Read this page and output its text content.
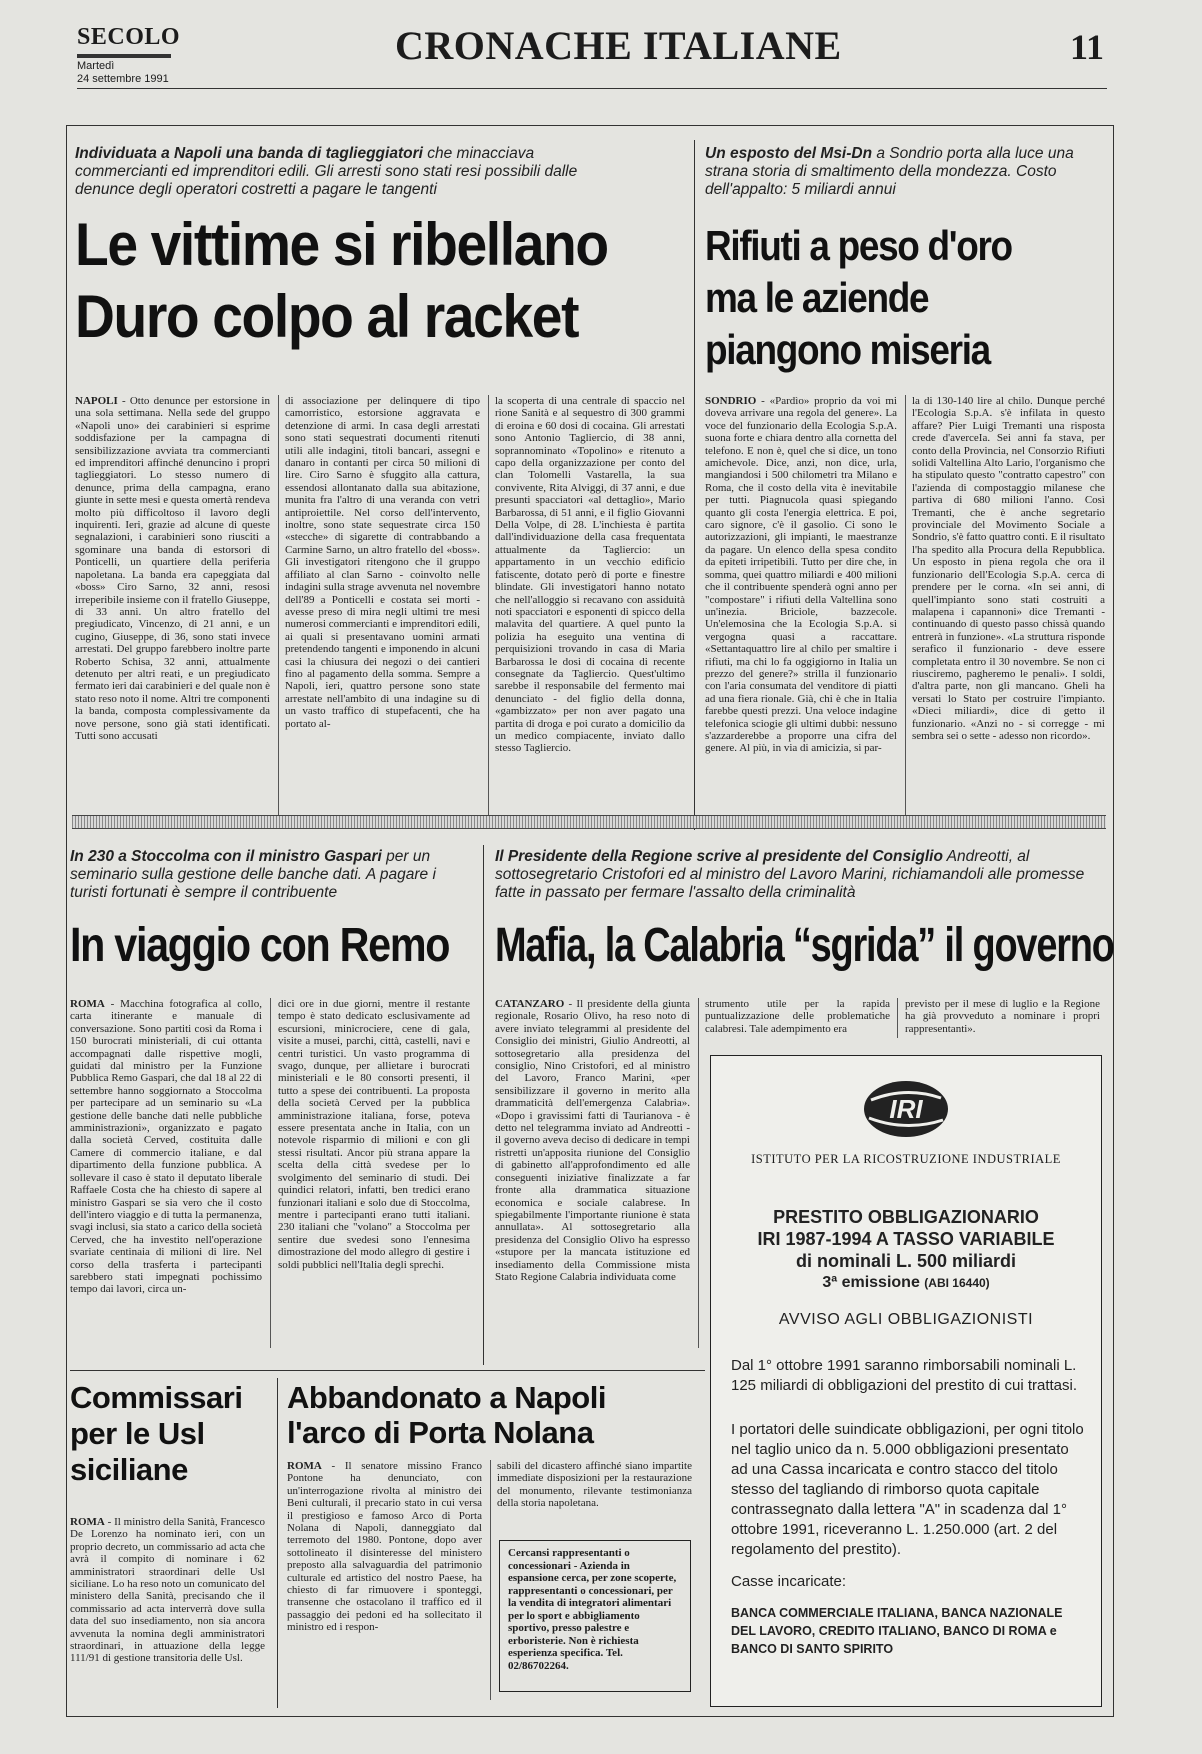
SECOLO
Martedì
24 settembre 1991
CRONACHE ITALIANE	11
Individuata a Napoli una banda di taglieggiatori che minacciava commercianti ed imprenditori edili. Gli arresti sono stati resi possibili dalle denunce degli operatori costretti a pagare le tangenti
Le vittime si ribellano
Duro colpo al racket
NAPOLI - Otto denunce per estorsione in una sola settimana. Nella sede del gruppo «Napoli uno» dei carabinieri si esprime soddisfazione per la campagna di sensibilizzazione avviata tra commercianti ed imprenditori affinché denuncino i propri taglieggiatori. Lo stesso numero di denunce, prima della campagna, erano giunte in sette mesi e questa omertà rendeva molto più difficoltoso il lavoro degli inquirenti. Ieri, grazie ad alcune di queste segnalazioni, i carabinieri sono riusciti a sgominare una banda di estorsori di Ponticelli, un quartiere della periferia napoletana. La banda era capeggiata dal «boss» Ciro Sarno, 32 anni, resosi irreperibile insieme con il fratello Giuseppe, di 33 anni. Un altro fratello del pregiudicato, Vincenzo, di 21 anni, e un cugino, Giuseppe, di 36, sono stati invece arrestati. Del gruppo farebbero inoltre parte Roberto Schisa, 32 anni, attualmente detenuto per altri reati, e un pregiudicato fermato ieri dai carabinieri e del quale non è stato reso noto il nome. Altri tre componenti la banda, composta complessivamente da nove persone, sono già stati identificati. Tutti sono accusati
di associazione per delinquere di tipo camorristico, estorsione aggravata e detenzione di armi. In casa degli arrestati sono stati sequestrati documenti ritenuti utili alle indagini, titoli bancari, assegni e danaro in contanti per circa 50 milioni di lire. Ciro Sarno è sfuggito alla cattura, essendosi allontanato dalla sua abitazione, munita fra l'altro di una veranda con vetri antiproiettile. Nel corso dell'intervento, inoltre, sono state sequestrate circa 150 «stecche» di sigarette di contrabbando a Carmine Sarno, un altro fratello del «boss». Gli investigatori ritengono che il gruppo affiliato al clan Sarno - coinvolto nelle indagini sulla strage avvenuta nel novembre dell'89 a Ponticelli e costata sei morti - avesse preso di mira negli ultimi tre mesi numerosi commercianti e imprenditori edili, ai quali si presentavano uomini armati pretendendo tangenti e imponendo in alcuni casi la chiusura dei negozi o dei cantieri fino al pagamento della somma. Sempre a Napoli, ieri, quattro persone sono state arrestate nell'ambito di una indagine su di un vasto traffico di stupefacenti, che ha portato al-
la scoperta di una centrale di spaccio nel rione Sanità e al sequestro di 300 grammi di eroina e 60 dosi di cocaina. Gli arrestati sono Antonio Tagliercio, di 38 anni, soprannominato «Topolino» e ritenuto a capo della organizzazione per conto del clan Tolomelli Vastarella, la sua convivente, Rita Alviggi, di 37 anni, e due presunti spacciatori «al dettaglio», Mario Barbarossa, di 51 anni, e il figlio Giovanni Della Volpe, di 28. L'inchiesta è partita dall'individuazione della casa frequentata attualmente da Tagliercio: un appartamento in un vecchio edificio fatiscente, dotato però di porte e finestre blindate. Gli investigatori hanno notato che nell'alloggio si recavano con assiduità noti spacciatori e esponenti di spicco della malavita del quartiere. A quel punto la polizia ha eseguito una ventina di perquisizioni trovando in casa di Maria Barbarossa le dosi di cocaina di recente consegnate da Tagliercio. Quest'ultimo sarebbe il responsabile del fermento mai denunciato - del figlio della donna, «gambizzato» per non aver pagato una partita di droga e poi curato a domicilio da un medico compiacente, inviato dallo stesso Tagliercio.
Un esposto del Msi-Dn a Sondrio porta alla luce una strana storia di smaltimento della mondezza. Costo dell'appalto: 5 miliardi annui
Rifiuti a peso d'oro
ma le aziende
piangono miseria
SONDRIO - «Pardìo» proprio da voi mi doveva arrivare una regola del genere». La voce del funzionario della Ecologia S.p.A. suona forte e chiara dentro alla cornetta del telefono. E non è, quel che si dice, un tono amichevole. Dice, anzi, non dice, urla, mangiandosi i 500 chilometri tra Milano e Roma, che il costo della vita è inevitabile per tutti. Piagnucola quasi spiegando quanto gli costa l'energia elettrica. E poi, caro signore, c'è il gasolio. Ci sono le autorizzazioni, gli impianti, le maestranze da pagare. Un elenco della spesa condito da epiteti irripetibili. Tutto per dire che, in somma, quei quattro miliardi e 400 milioni che il contribuente spenderà ogni anno per "compostare" i rifiuti della Valtellina sono un'inezia. Briciole, bazzecole. Un'elemosina che la Ecologia S.p.A. si vergogna quasi a raccattare. «Settantaquattro lire al chilo per smaltire i rifiuti, ma chi lo fa oggigiorno in Italia un prezzo del genere?» strilla il funzionario con l'aria consumata del venditore di piatti ad una fiera rionale. Già, chi è che in Italia farebbe questi prezzi. Una veloce indagine telefonica sciogie gli ultimi dubbi: nessuno s'azzarderebbe a proporre una cifra del genere. Al più, in via di amicizia, si par-
la di 130-140 lire al chilo. Dunque perché l'Ecologia S.p.A. s'è infilata in questo affare? Pier Luigi Tremanti una risposta crede d'averceIa. Sei anni fa stava, per conto della Provincia, nel Consorzio Rifiuti solidi Valtellina Alto Lario, l'organismo che ha stipulato questo "contratto capestro" con l'azienda di compostaggio milanese che partiva di 680 milioni l'anno. Così Tremanti, che è anche segretario provinciale del Movimento Sociale a Sondrio, s'è fatto quattro conti. E il risultato l'ha spedito alla Procura della Repubblica. Un esposto in piena regola che ora il funzionario dell'Ecologia S.p.A. cerca di prendere per le corna. «In sei anni, di quell'impianto sono stati costruiti a malapena i capannoni» dice Tremanti - continuando di questo passo chissà quando entrerà in funzione». «La struttura risponde serafico il funzionario - deve essere completata entro il 30 novembre. Se non ci riusciremo, pagheremo le penali». I soldi, d'altra parte, non gli mancano. Ghelì ha versati lo Stato per costruire l'impianto. «Dieci miliardi», dice di getto il funzionario. «Anzi no - si corregge - mi sembra sei o sette - adesso non ricordo».
In 230 a Stoccolma con il ministro Gaspari per un seminario sulla gestione delle banche dati. A pagare i turisti fortunati è sempre il contribuente
In viaggio con Remo
ROMA - Macchina fotografica al collo, carta itinerante e manuale di conversazione. Sono partiti così da Roma i 150 burocrati ministeriali, di cui ottanta accompagnati dalle rispettive mogli, guidati dal ministro per la Funzione Pubblica Remo Gaspari, che dal 18 al 22 di settembre hanno soggiornato a Stoccolma per partecipare ad un seminario su «La gestione delle banche dati nelle pubbliche amministrazioni», organizzato e pagato dalla società Cerved, costituita dalle Camere di commercio italiane, e dal dipartimento della funzione pubblica. A sollevare il caso è stato il deputato liberale Raffaele Costa che ha chiesto di sapere al ministro Gaspari se sia vero che il costo dell'intero viaggio e di tutta la permanenza, svagi inclusi, sia stato a carico della società Cerved, che ha investito nell'operazione svariate centinaia di milioni di lire. Nel corso della trasferta i partecipanti sarebbero stati impegnati pochissimo tempo dai lavori, circa un-
dici ore in due giorni, mentre il restante tempo è stato dedicato esclusivamente ad escursioni, minicrociere, cene di gala, visite a musei, parchi, città, castelli, navi e centri turistici. Un vasto programma di svago, dunque, per allietare i burocrati ministeriali e le 80 consorti presenti, il tutto a spese dei contribuenti. La proposta della società Cerved per la pubblica amministrazione italiana, forse, poteva essere presentata anche in Italia, con un notevole risparmio di milioni e con gli stessi risultati. Ancor più strana appare la scelta della città svedese per lo svolgimento del seminario di studi. Dei quindici relatori, infatti, ben tredici erano funzionari italiani e solo due di Stoccolma, mentre i partecipanti erano tutti italiani. 230 italiani che "volano" a Stoccolma per sentire due svedesi sono l'ennesima dimostrazione del modo allegro di gestire i soldi pubblici nell'Italia degli sprechi.
Il Presidente della Regione scrive al presidente del Consiglio Andreotti, al sottosegretario Cristofori ed al ministro del Lavoro Marini, richiamandoli alle promesse fatte in passato per fermare l'assalto della criminalità
Mafia, la Calabria “sgrida” il governo
CATANZARO - Il presidente della giunta regionale, Rosario Olivo, ha reso noto di avere inviato telegrammi al presidente del Consiglio dei ministri, Giulio Andreotti, al sottosegretario alla presidenza del consiglio, Nino Cristofori, ed al ministro del Lavoro, Franco Marini, «per sensibilizzare il governo in merito alla drammaticità dell'emergenza Calabria». «Dopo i gravissimi fatti di Taurianova - è detto nel telegramma inviato ad Andreotti - il governo aveva deciso di dedicare in tempi ristretti un'apposita riunione del Consiglio di gabinetto all'approfondimento ed alle conseguenti iniziative finalizzate a far fronte alla drammatica situazione economica e sociale calabrese. In spiegabilmente l'importante riunione è stata annullata». Al sottosegretario alla presidenza del Consiglio Olivo ha espresso «stupore per la mancata istituzione ed insediamento della Commissione mista Stato Regione Calabria individuata come
strumento utile per la rapida puntualizzazione delle problematiche calabresi. Tale adempimento era
previsto per il mese di luglio e la Regione ha già provveduto a nominare i propri rappresentanti».
Commissari
per le Usl
siciliane
ROMA - Il ministro della Sanità, Francesco De Lorenzo ha nominato ieri, con un proprio decreto, un commissario ad acta che avrà il compito di nominare i 62 amministratori straordinari delle Usl siciliane. Lo ha reso noto un comunicato del ministero della Sanità, precisando che il commissario ad acta interverrà dove sulla data del suo insediamento, non sia ancora avvenuta la nomina degli amministratori straordinari, in attuazione della legge 111/91 di gestione transitoria delle Usl.
Abbandonato a Napoli
l'arco di Porta Nolana
ROMA - Il senatore missino Franco Pontone ha denunciato, con un'interrogazione rivolta al ministro dei Beni culturali, il precario stato in cui versa il prestigioso e famoso Arco di Porta Nolana di Napoli, danneggiato dal terremoto del 1980. Pontone, dopo aver sottolineato il disinteresse del ministero preposto alla salvaguardia del patrimonio culturale ed artistico del nostro Paese, ha chiesto di far rimuovere i sponteggi, transenne che ostacolano il traffico ed il passaggio dei pedoni ed ha sollecitato il ministro ed i respon-
sabili del dicastero affinché siano impartite immediate disposizioni per la restaurazione del monumento, rilevante testimonianza della storia napoletana.
Cercansi rappresentanti o concessionari - Azienda in espansione cerca, per zone scoperte, rappresentanti o concessionari, per la vendita di integratori alimentari per lo sport e abbigliamento sportivo, presso palestre e erboristerie. Non è richiesta esperienza specifica. Tel. 02/86702264.
IRI
ISTITUTO PER LA RICOSTRUZIONE INDUSTRIALE
PRESTITO OBBLIGAZIONARIO
IRI 1987-1994 A TASSO VARIABILE
di nominali L. 500 miliardi
3ª emissione (ABI 16440)
AVVISO AGLI OBBLIGAZIONISTI
Dal 1° ottobre 1991 saranno rimborsabili nominali L. 125 miliardi di obbligazioni del prestito di cui trattasi.
I portatori delle suindicate obbligazioni, per ogni titolo nel taglio unico da n. 5.000 obbligazioni presentato ad una Cassa incaricata e contro stacco del titolo stesso del tagliando di rimborso quota capitale contrassegnato dalla lettera "A" in scadenza dal 1° ottobre 1991, riceveranno L. 1.250.000 (art. 2 del regolamento del prestito).
Casse incaricate:
BANCA COMMERCIALE ITALIANA, BANCA NAZIONALE DEL LAVORO, CREDITO ITALIANO, BANCO DI ROMA e BANCO DI SANTO SPIRITO
